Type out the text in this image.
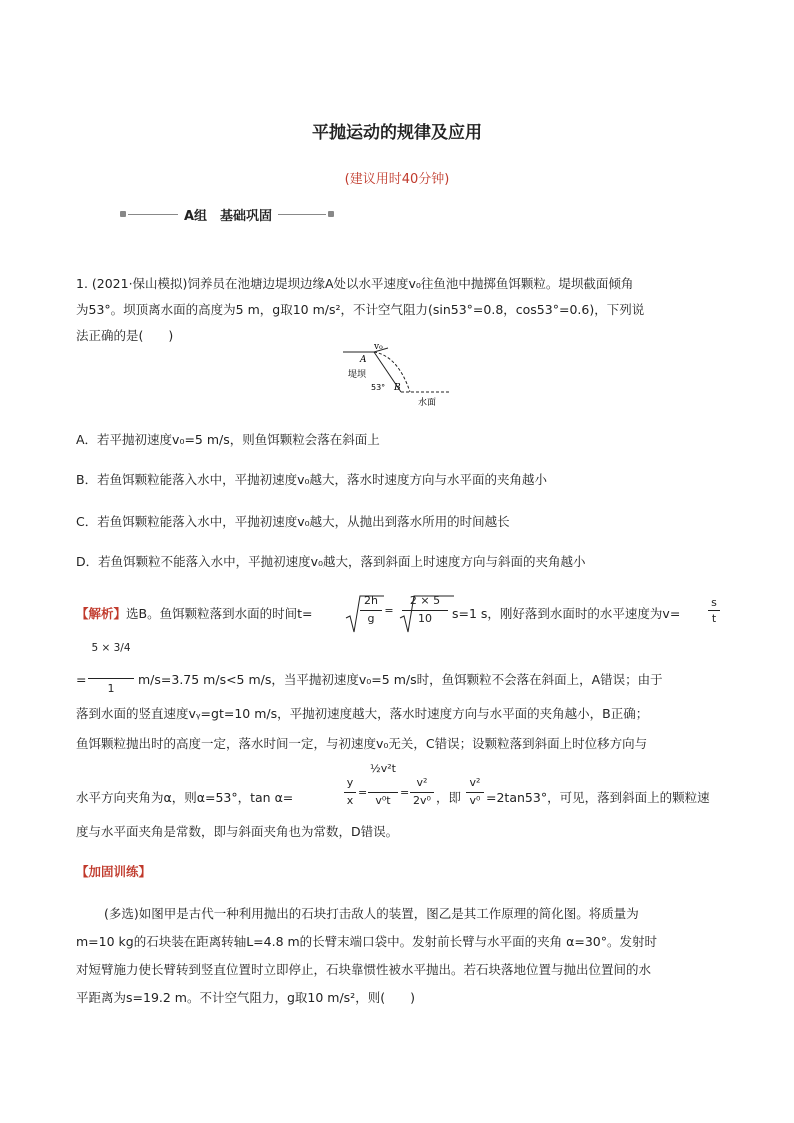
平抛运动的规律及应用
(建议用时40分钟)
A组　基础巩固
1. (2021·保山模拟)饲养员在池塘边堤坝边缘A处以水平速度v₀往鱼池中抛掷鱼饵颗粒。堤坝截面倾角
为53°。坝顶离水面的高度为5 m，g取10 m/s²，不计空气阻力(sin53°=0.8，cos53°=0.6)，下列说
法正确的是(　　)
v₀
A
堤坝
53° B
水面
A．若平抛初速度v₀=5 m/s，则鱼饵颗粒会落在斜面上
B．若鱼饵颗粒能落入水中，平抛初速度v₀越大，落水时速度方向与水平面的夹角越小
C．若鱼饵颗粒能落入水中，平抛初速度v₀越大，从抛出到落水所用的时间越长
D．若鱼饵颗粒不能落入水中，平抛初速度v₀越大，落到斜面上时速度方向与斜面的夹角越小
【解析】选B。鱼饵颗粒落到水面的时间t=
2h
g
=
2 × 5
10	s=1 s，刚好落到水面时的水平速度为v=
s
t
=
5 × 3/4
1
m/s=3.75 m/s<5 m/s，当平抛初速度v₀=5 m/s时，鱼饵颗粒不会落在斜面上，A错误；由于
落到水面的竖直速度vᵧ=gt=10 m/s，平抛初速度越大，落水时速度方向与水平面的夹角越小，B正确；
鱼饵颗粒抛出时的高度一定，落水时间一定，与初速度v₀无关，C错误；设颗粒落到斜面上时位移方向与
水平方向夹角为α，则α=53°，tan α=
y
x
=
½v²t
v⁰t
=
v²
2v⁰ ，即
v²
v⁰ =2tan53°，可见，落到斜面上的颗粒速
度与水平面夹角是常数，即与斜面夹角也为常数，D错误。
【加固训练】
(多选)如图甲是古代一种利用抛出的石块打击敌人的装置，图乙是其工作原理的简化图。将质量为
m=10 kg的石块装在距离转轴L=4.8 m的长臂末端口袋中。发射前长臂与水平面的夹角 α=30°。发射时
对短臂施力使长臂转到竖直位置时立即停止，石块靠惯性被水平抛出。若石块落地位置与抛出位置间的水
平距离为s=19.2 m。不计空气阻力，g取10 m/s²，则(　　)
